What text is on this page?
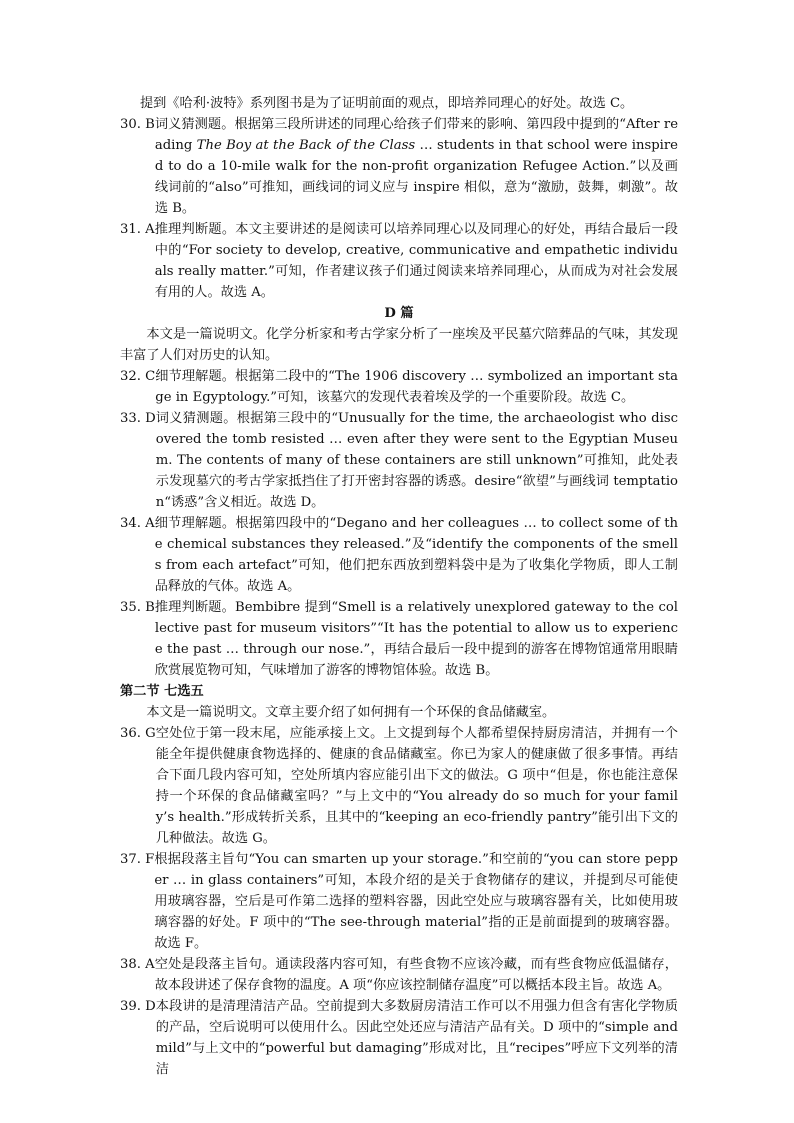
提到《哈利·波特》系列图书是为了证明前面的观点，即培养同理心的好处。故选 C。

30. B 词义猜测题。根据第三段所讲述的同理心给孩子们带来的影响、第四段中提到的“After reading The Boy at the Back of the Class … students in that school were inspired to do a 10-mile walk for the non-profit organization Refugee Action.”以及画线词前的“also”可推知，画线词的词义应与 inspire 相似，意为“激励，鼓舞，刺激”。故选 B。
31. A 推理判断题。本文主要讲述的是阅读可以培养同理心以及同理心的好处，再结合最后一段中的“For society to develop, creative, communicative and empathetic individuals really matter.”可知，作者建议孩子们通过阅读来培养同理心，从而成为对社会发展有用的人。故选 A。

D 篇

本文是一篇说明文。化学分析家和考古学家分析了一座埃及平民墓穴陪葬品的气味，其发现丰富了人们对历史的认知。

32. C 细节理解题。根据第二段中的“The 1906 discovery … symbolized an important stage in Egyptology.”可知，该墓穴的发现代表着埃及学的一个重要阶段。故选 C。
33. D 词义猜测题。根据第三段中的“Unusually for the time, the archaeologist who discovered the tomb resisted … even after they were sent to the Egyptian Museum. The contents of many of these containers are still unknown”可推知，此处表示发现墓穴的考古学家抵挡住了打开密封容器的诱惑。desire“欲望”与画线词 temptation“诱惑”含义相近。故选 D。
34. A 细节理解题。根据第四段中的“Degano and her colleagues … to collect some of the chemical substances they released.”及“identify the components of the smells from each artefact”可知，他们把东西放到塑料袋中是为了收集化学物质，即人工制品释放的气体。故选 A。
35. B 推理判断题。Bembibre 提到“Smell is a relatively unexplored gateway to the collective past for museum visitors”“It has the potential to allow us to experience the past … through our nose.”，再结合最后一段中提到的游客在博物馆通常用眼睛欣赏展览物可知，气味增加了游客的博物馆体验。故选 B。

第二节 七选五

本文是一篇说明文。文章主要介绍了如何拥有一个环保的食品储藏室。

36. G 空处位于第一段末尾，应能承接上文。上文提到每个人都希望保持厨房清洁，并拥有一个能全年提供健康食物选择的、健康的食品储藏室。你已为家人的健康做了很多事情。再结合下面几段内容可知，空处所填内容应能引出下文的做法。G 项中“但是，你也能注意保持一个环保的食品储藏室吗？”与上文中的“You already do so much for your family’s health.”形成转折关系，且其中的“keeping an eco-friendly pantry”能引出下文的几种做法。故选 G。
37. F 根据段落主旨句“You can smarten up your storage.”和空前的“you can store pepper … in glass containers”可知，本段介绍的是关于食物储存的建议，并提到尽可能使用玻璃容器，空后是可作第二选择的塑料容器，因此空处应与玻璃容器有关，比如使用玻璃容器的好处。F 项中的“The see-through material”指的正是前面提到的玻璃容器。故选 F。
38. A 空处是段落主旨句。通读段落内容可知，有些食物不应该冷藏，而有些食物应低温储存，故本段讲述了保存食物的温度。A 项“你应该控制储存温度”可以概括本段主旨。故选 A。
39. D 本段讲的是清理清洁产品。空前提到大多数厨房清洁工作可以不用强力但含有害化学物质的产品，空后说明可以使用什么。因此空处还应与清洁产品有关。D 项中的“simple and mild”与上文中的“powerful but damaging”形成对比，且“recipes”呼应下文列举的清洁
